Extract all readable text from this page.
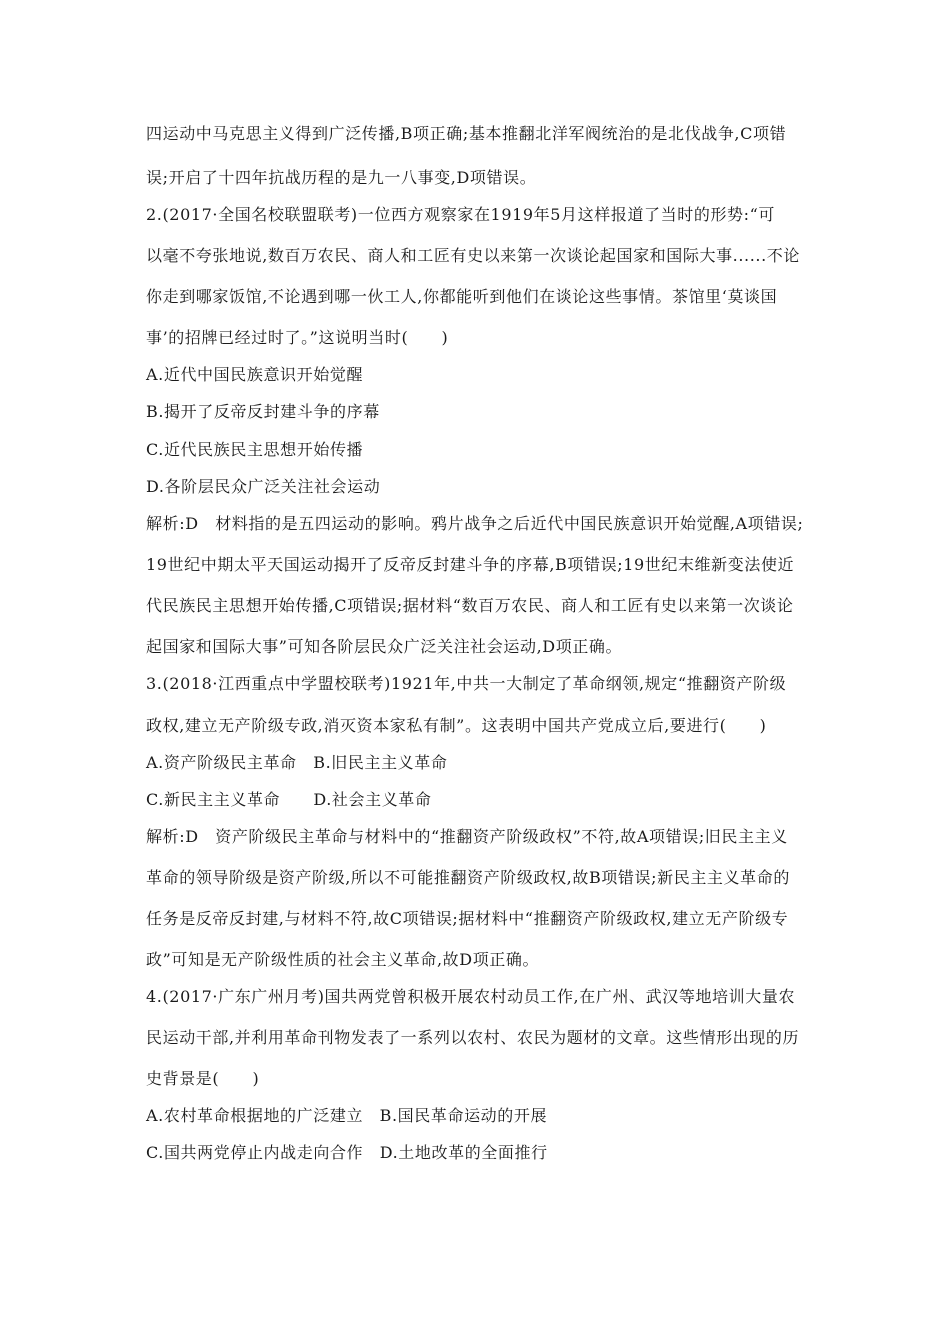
四运动中马克思主义得到广泛传播,B项正确;基本推翻北洋军阀统治的是北伐战争,C项错
误;开启了十四年抗战历程的是九一八事变,D项错误。
2.(2017·全国名校联盟联考)一位西方观察家在1919年5月这样报道了当时的形势:“可
以毫不夸张地说,数百万农民、商人和工匠有史以来第一次谈论起国家和国际大事......不论
你走到哪家饭馆,不论遇到哪一伙工人,你都能听到他们在谈论这些事情。茶馆里‘莫谈国
事’的招牌已经过时了。”这说明当时(　　)
A.近代中国民族意识开始觉醒
B.揭开了反帝反封建斗争的序幕
C.近代民族民主思想开始传播
D.各阶层民众广泛关注社会运动
解析:D　材料指的是五四运动的影响。鸦片战争之后近代中国民族意识开始觉醒,A项错误;
19世纪中期太平天国运动揭开了反帝反封建斗争的序幕,B项错误;19世纪末维新变法使近
代民族民主思想开始传播,C项错误;据材料“数百万农民、商人和工匠有史以来第一次谈论
起国家和国际大事”可知各阶层民众广泛关注社会运动,D项正确。
3.(2018·江西重点中学盟校联考)1921年,中共一大制定了革命纲领,规定“推翻资产阶级
政权,建立无产阶级专政,消灭资本家私有制”。这表明中国共产党成立后,要进行(　　)
A.资产阶级民主革命　B.旧民主主义革命
C.新民主主义革命　　D.社会主义革命
解析:D　资产阶级民主革命与材料中的“推翻资产阶级政权”不符,故A项错误;旧民主主义
革命的领导阶级是资产阶级,所以不可能推翻资产阶级政权,故B项错误;新民主主义革命的
任务是反帝反封建,与材料不符,故C项错误;据材料中“推翻资产阶级政权,建立无产阶级专
政”可知是无产阶级性质的社会主义革命,故D项正确。
4.(2017·广东广州月考)国共两党曾积极开展农村动员工作,在广州、武汉等地培训大量农
民运动干部,并利用革命刊物发表了一系列以农村、农民为题材的文章。这些情形出现的历
史背景是(　　)
A.农村革命根据地的广泛建立　B.国民革命运动的开展
C.国共两党停止内战走向合作　D.土地改革的全面推行
